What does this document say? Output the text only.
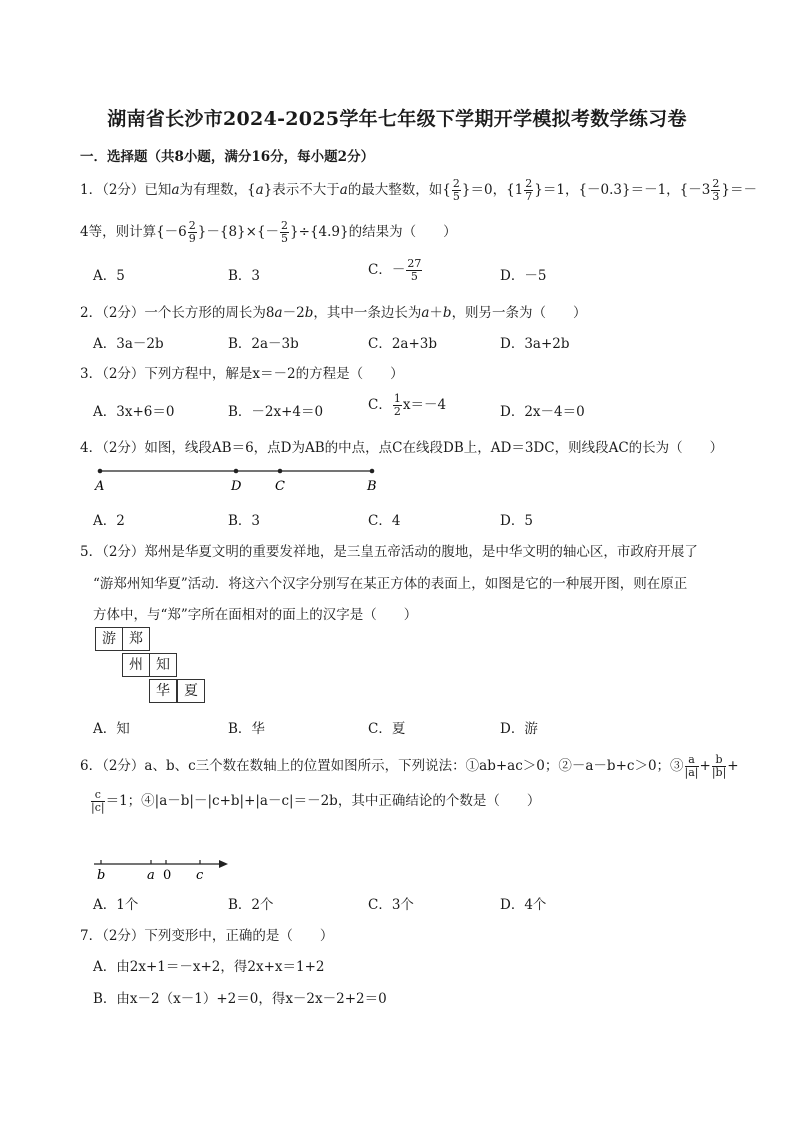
湖南省长沙市2024-2025学年七年级下学期开学模拟考数学练习卷
一．选择题（共8小题，满分16分，每小题2分）
1．（2分）已知a为有理数，{a}表示不大于a的最大整数，如{ $\frac{2}{5} \}=0$，$\{1 \frac{2}{7} \}=1$，{－0.3}＝－1，{$-3 \frac{2}{3}$ }＝－
4等，则计算$\{-6 \frac{2}{9} \}-\{8\}\times\{- \frac{2}{5} \}\div\{4.9\}$的结果为（　　）
A．5	B．3	C．－ $\frac{27}{5}$	D．－5
2．（2分）一个长方形的周长为8a－2b，其中一条边长为a＋b，则另一条为（　　）
A．3a－2b	B．2a－3b	C．2a+3b	D．3a+2b
3．（2分）下列方程中，解是x＝－2的方程是（　　）
A．3x+6＝0	B．－2x+4＝0	C． $\frac{1}{2} x=-4$	D．2x－4＝0
4．（2分）如图，线段AB＝6，点D为AB的中点，点C在线段DB上，AD＝3DC，则线段AC的长为（　　）
A	D	C	B
A．2	B．3	C．4	D．5
5．（2分）郑州是华夏文明的重要发祥地，是三皇五帝活动的腹地，是中华文明的轴心区，市政府开展了
“游郑州知华夏”活动．将这六个汉字分别写在某正方体的表面上，如图是它的一种展开图，则在原正
方体中，与“郑”字所在面相对的面上的汉字是（　　）
游 郑
州 知
华	夏
A．知	B．华	C．夏	D．游
6．（2分）a、b、c三个数在数轴上的位置如图所示，下列说法：①ab+ac＞0；②－a－b+c＞0；③ $\frac{a}{|a|} + \frac{b}{|b|}$ +
$\frac{c}{|c|} =1$；④|a－b|－|c+b|+|a－c|＝－2b，其中正确结论的个数是（　　）
b	a 0 c
A．1个	B．2个	C．3个	D．4个
7．（2分）下列变形中，正确的是（　　）
A．由2x+1＝－x+2，得2x+x＝1+2
B．由x－2（x－1）+2＝0，得x－2x－2+2＝0
